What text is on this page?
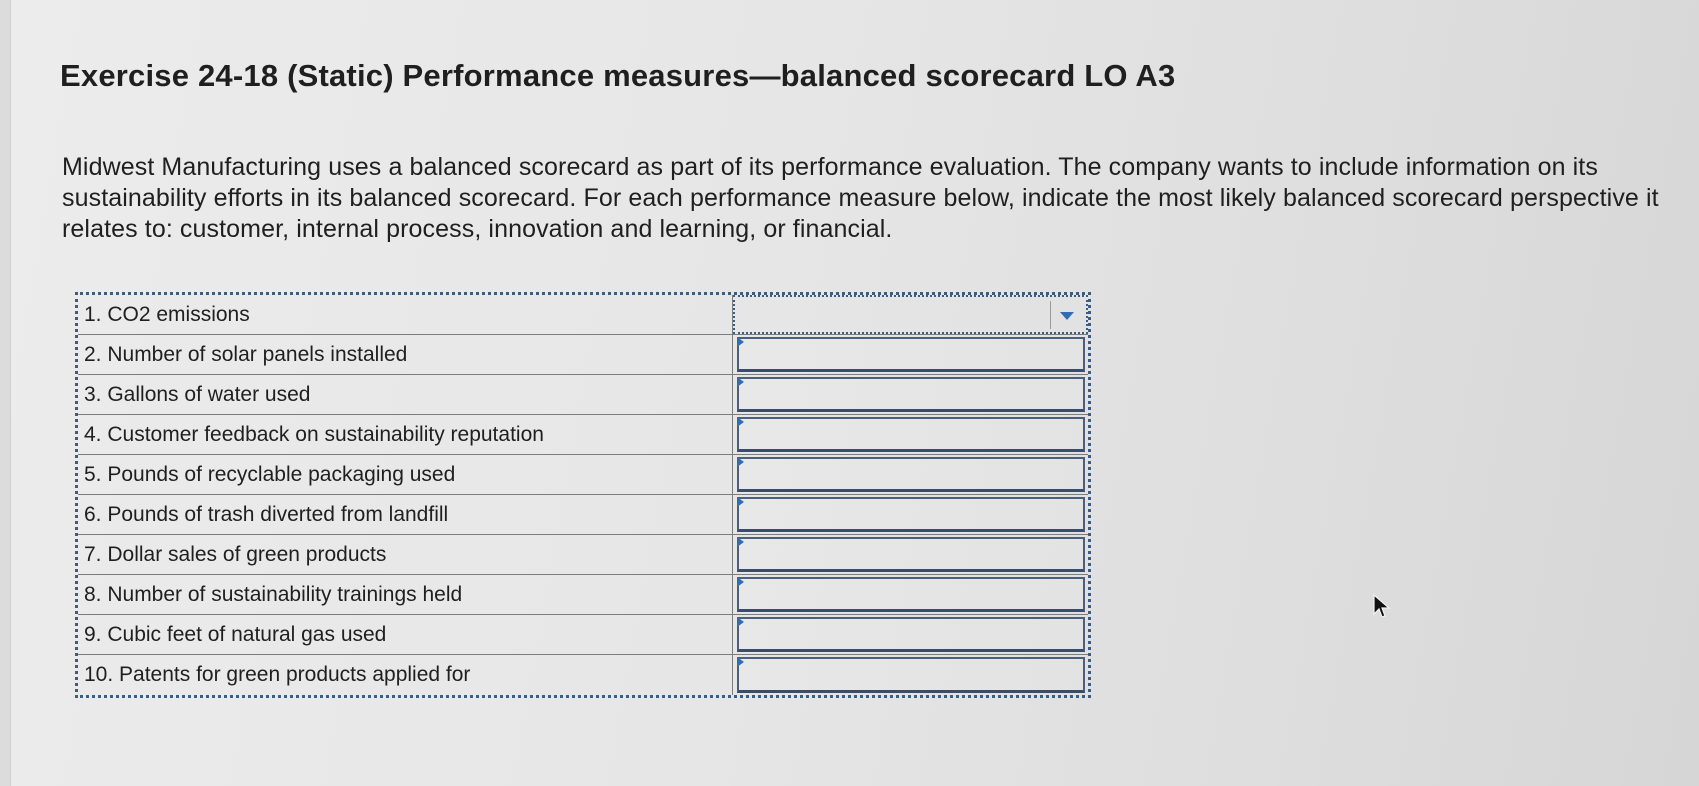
Exercise 24-18 (Static) Performance measures—balanced scorecard LO A3
Midwest Manufacturing uses a balanced scorecard as part of its performance evaluation. The company wants to include information on its sustainability efforts in its balanced scorecard. For each performance measure below, indicate the most likely balanced scorecard perspective it relates to: customer, internal process, innovation and learning, or financial.
1. CO2 emissions
2. Number of solar panels installed
3. Gallons of water used
4. Customer feedback on sustainability reputation
5. Pounds of recyclable packaging used
6. Pounds of trash diverted from landfill
7. Dollar sales of green products
8. Number of sustainability trainings held
9. Cubic feet of natural gas used
10. Patents for green products applied for
